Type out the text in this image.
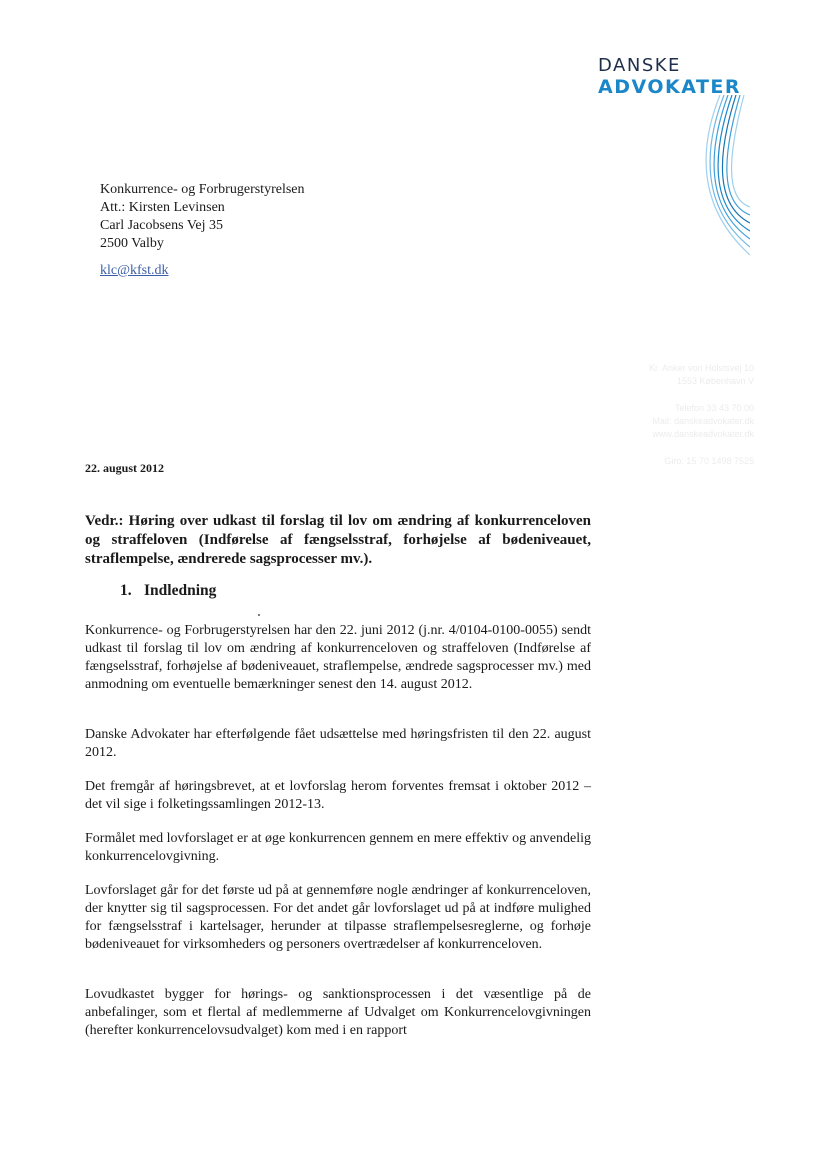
DANSKE
ADVOKATER
Konkurrence- og Forbrugerstyrelsen
Att.: Kirsten Levinsen
Carl Jacobsens Vej 35
2500 Valby
klc@kfst.dk
Kr. Anker von Holstsvej 10
1553 København V
Telefon 33 43 70 00
Mail: danskeadvokater.dk
www.danskeadvokater.dk
Giro: 15 70 1498 7525
22. august 2012
Vedr.: Høring over udkast til forslag til lov om ændring af konkurrenceloven og straffeloven (Indførelse af fængselsstraf, forhøjelse af bødeniveauet, straflempelse, ændrerede sagsprocesser mv.).
1. Indledning

Konkurrence- og Forbrugerstyrelsen har den 22. juni 2012 (j.nr. 4/0104-0100-0055) sendt udkast til forslag til lov om ændring af konkurrenceloven og straffeloven (Indførelse af fængselsstraf, forhøjelse af bødeniveauet, straflempelse, ændrede sagsprocesser mv.) med anmodning om eventuelle bemærkninger senest den 14. august 2012.

Danske Advokater har efterfølgende fået udsættelse med høringsfristen til den 22. august 2012.

Det fremgår af høringsbrevet, at et lovforslag herom forventes fremsat i oktober 2012 – det vil sige i folketingssamlingen 2012-13.

Formålet med lovforslaget er at øge konkurrencen gennem en mere effektiv og anvendelig konkurrencelovgivning.

Lovforslaget går for det første ud på at gennemføre nogle ændringer af konkurrenceloven, der knytter sig til sagsprocessen. For det andet går lovforslaget ud på at indføre mulighed for fængselsstraf i kartelsager, herunder at tilpasse straflempelsesreglerne, og forhøje bødeniveauet for virksomheders og personers overtrædelser af konkurrenceloven.

Lovudkastet bygger for hørings- og sanktionsprocessen i det væsentlige på de anbefalinger, som et flertal af medlemmerne af Udvalget om Konkurrencelovgivningen (herefter konkurrencelovsudvalget) kom med i en rapport
